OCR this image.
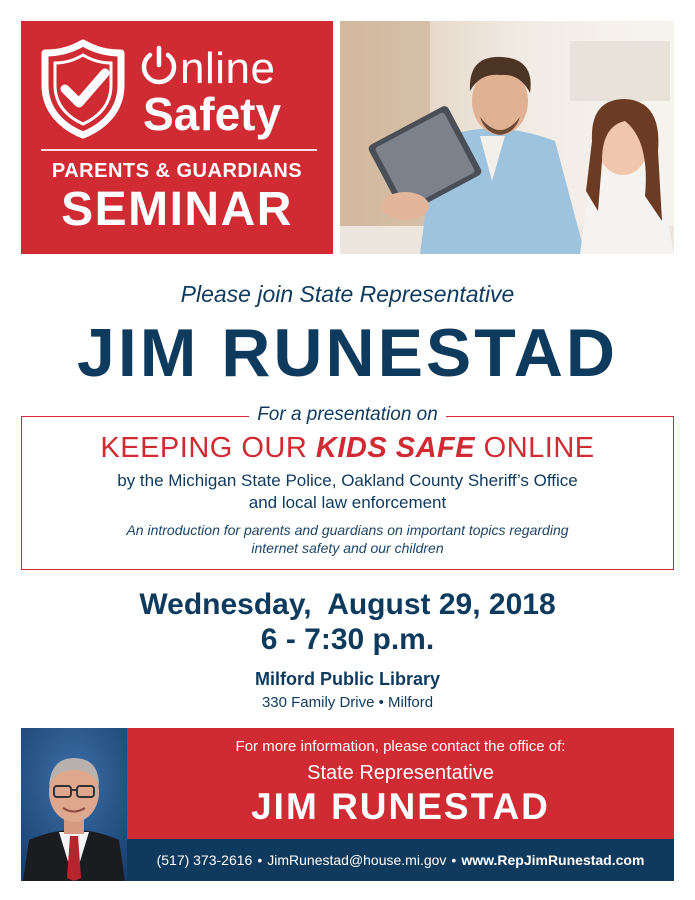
nline
Safety
PARENTS & GUARDIANS
SEMINAR
Please join State Representative
JIM RUNESTAD
For a presentation on
KEEPING OUR KIDS SAFE ONLINE
by the Michigan State Police, Oakland County Sheriff’s Office
and local law enforcement
An introduction for parents and guardians on important topics regarding
internet safety and our children
Wednesday,  August 29, 2018
6 - 7:30 p.m.
Milford Public Library
330 Family Drive • Milford
For more information, please contact the office of:
State Representative
JIM RUNESTAD
(517) 373-2616 • JimRunestad@house.mi.gov • www.RepJimRunestad.com
